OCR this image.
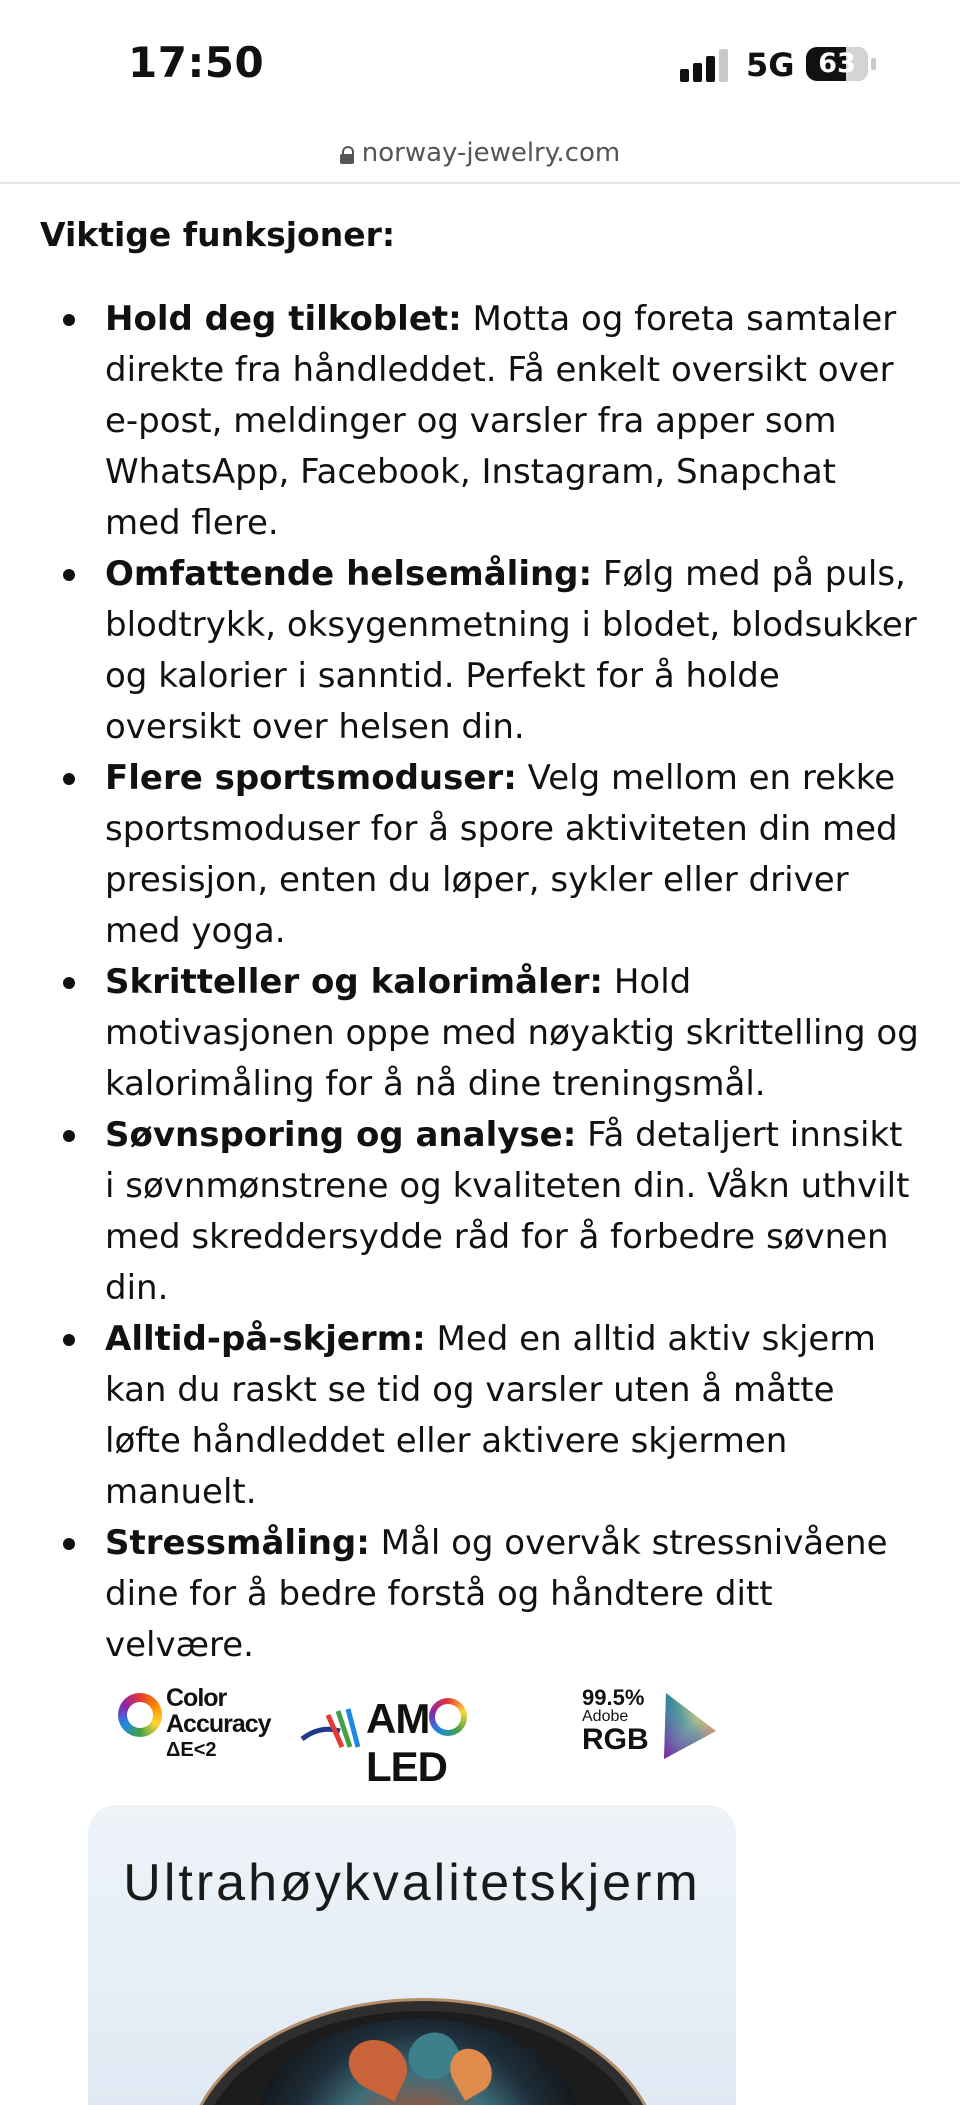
17:50	5G 63
norway-jewelry.com
Viktige funksjoner:
Hold deg tilkoblet: Motta og foreta samtaler direkte fra håndleddet. Få enkelt oversikt over e-post, meldinger og varsler fra apper som WhatsApp, Facebook, Instagram, Snapchat med flere.
Omfattende helsemåling: Følg med på puls, blodtrykk, oksygenmetning i blodet, blodsukker og kalorier i sanntid. Perfekt for å holde oversikt over helsen din.
Flere sportsmoduser: Velg mellom en rekke sportsmoduser for å spore aktiviteten din med presisjon, enten du løper, sykler eller driver med yoga.
Skritteller og kalorimåler: Hold motivasjonen oppe med nøyaktig skrittelling og kalorimåling for å nå dine treningsmål.
Søvnsporing og analyse: Få detaljert innsikt i søvnmønstrene og kvaliteten din. Våkn uthvilt med skreddersydde råd for å forbedre søvnen din.
Alltid-på-skjerm: Med en alltid aktiv skjerm kan du raskt se tid og varsler uten å måtte løfte håndleddet eller aktivere skjermen manuelt.
Stressmåling: Mål og overvåk stressnivåene dine for å bedre forstå og håndtere ditt velvære.
Color
Accuracy
ΔE<2
AMLED
99.5%
Adobe
RGB
Ultrahøykvalitetskjerm
